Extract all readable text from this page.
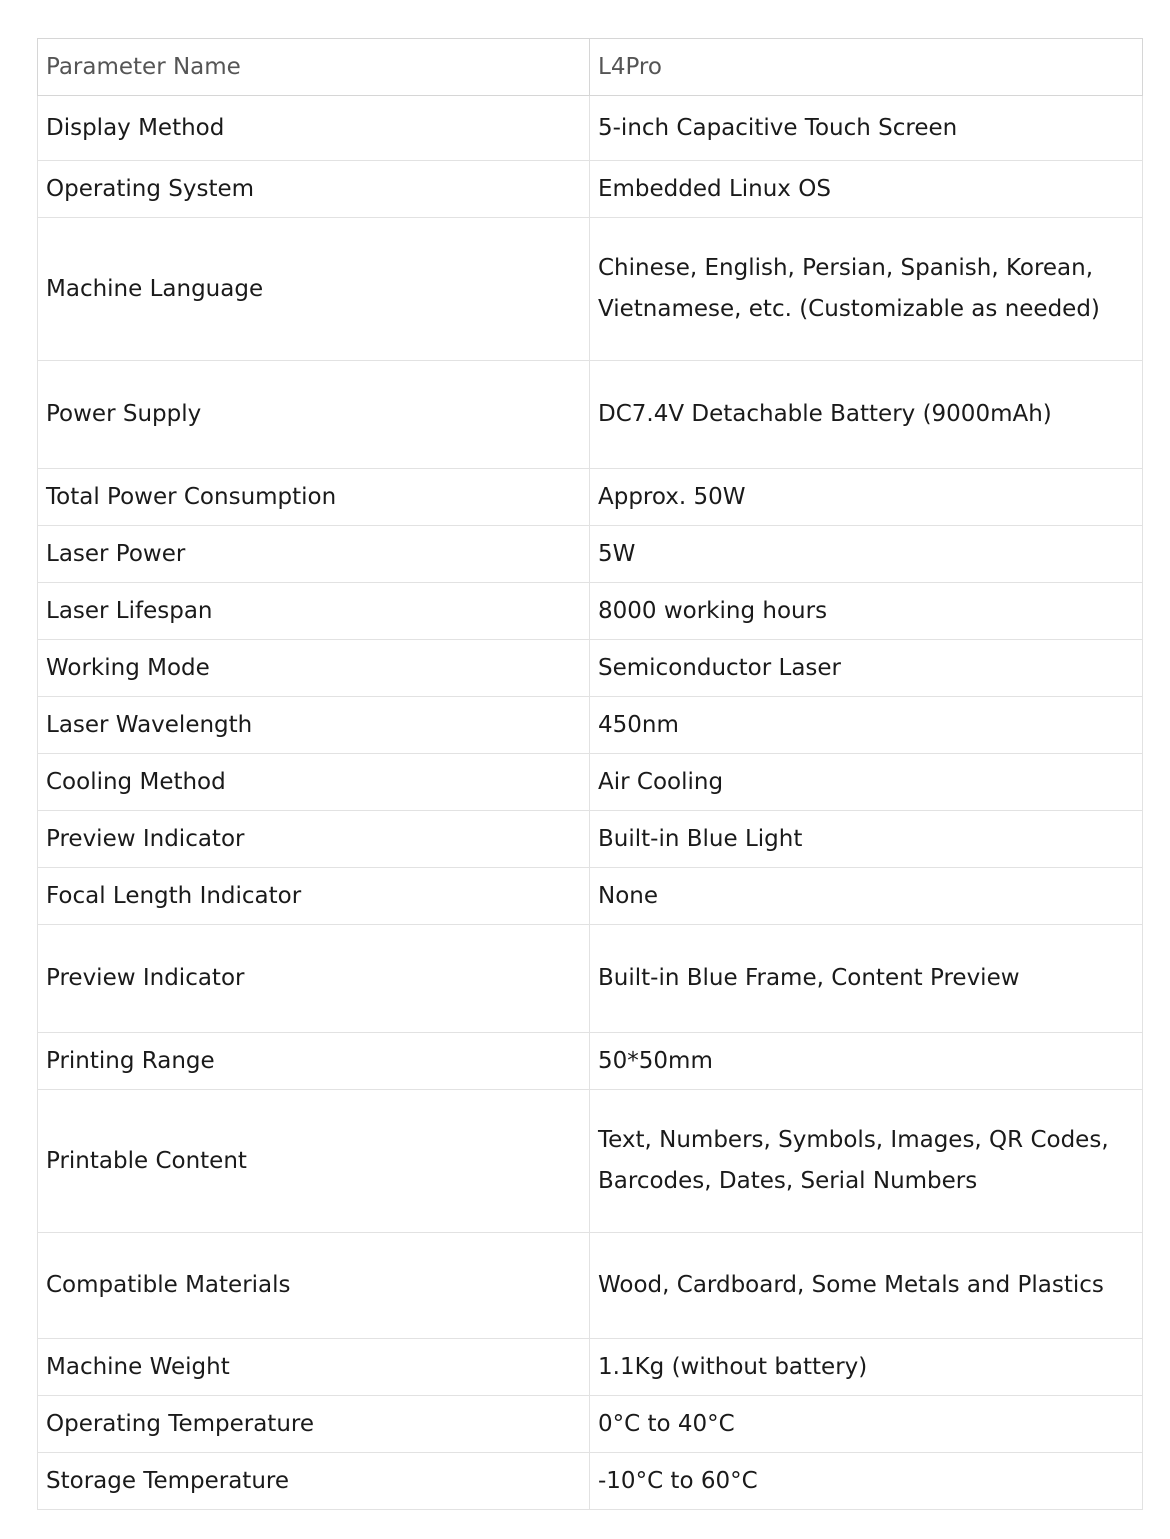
Parameter Name	L4Pro
Display Method	5-inch Capacitive Touch Screen
Operating System	Embedded Linux OS
Machine Language	Chinese, English, Persian, Spanish, Korean, Vietnamese, etc. (Customizable as needed)
Power Supply	DC7.4V Detachable Battery (9000mAh)
Total Power Consumption	Approx. 50W
Laser Power	5W
Laser Lifespan	8000 working hours
Working Mode	Semiconductor Laser
Laser Wavelength	450nm
Cooling Method	Air Cooling
Preview Indicator	Built-in Blue Light
Focal Length Indicator	None
Preview Indicator	Built-in Blue Frame, Content Preview
Printing Range	50*50mm
Printable Content	Text, Numbers, Symbols, Images, QR Codes, Barcodes, Dates, Serial Numbers
Compatible Materials	Wood, Cardboard, Some Metals and Plastics
Machine Weight	1.1Kg (without battery)
Operating Temperature	0°C to 40°C
Storage Temperature	-10°C to 60°C
